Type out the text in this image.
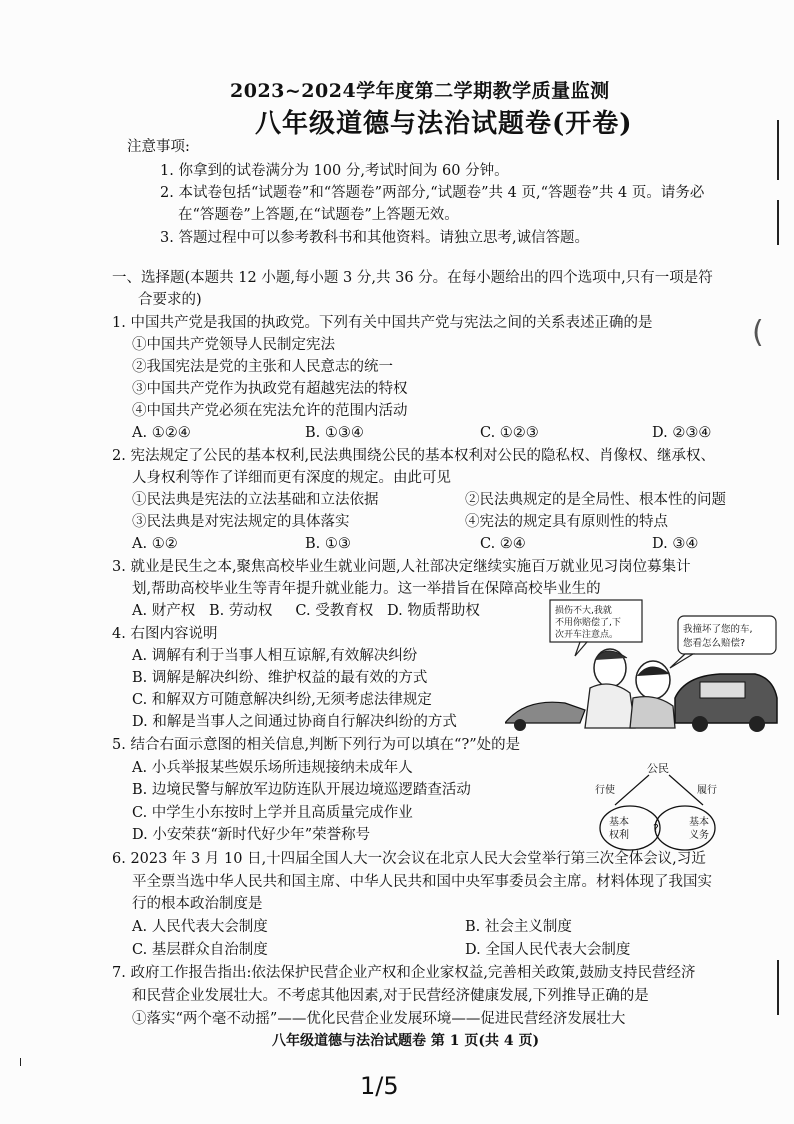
2023~2024学年度第二学期教学质量监测
八年级道德与法治试题卷(开卷)
注意事项:
1. 你拿到的试卷满分为 100 分,考试时间为 60 分钟。
2. 本试卷包括“试题卷”和“答题卷”两部分,“试题卷”共 4 页,“答题卷”共 4 页。请务必
在“答题卷”上答题,在“试题卷”上答题无效。
3. 答题过程中可以参考教科书和其他资料。请独立思考,诚信答题。
一、选择题(本题共 12 小题,每小题 3 分,共 36 分。在每小题给出的四个选项中,只有一项是符
合要求的)
1. 中国共产党是我国的执政党。下列有关中国共产党与宪法之间的关系表述正确的是
①中国共产党领导人民制定宪法
②我国宪法是党的主张和人民意志的统一
③中国共产党作为执政党有超越宪法的特权
④中国共产党必须在宪法允许的范围内活动
A. ①②④	B. ①③④	C. ①②③	D. ②③④
2. 宪法规定了公民的基本权利,民法典围绕公民的基本权利对公民的隐私权、肖像权、继承权、
人身权利等作了详细而更有深度的规定。由此可见
①民法典是宪法的立法基础和立法依据	②民法典规定的是全局性、根本性的问题
③民法典是对宪法规定的具体落实	④宪法的规定具有原则性的特点
A. ①②	B. ①③	C. ②④	D. ③④
3. 就业是民生之本,聚焦高校毕业生就业问题,人社部决定继续实施百万就业见习岗位募集计
划,帮助高校毕业生等青年提升就业能力。这一举措旨在保障高校毕业生的
A. 财产权   B. 劳动权     C. 受教育权   D. 物质帮助权
4. 右图内容说明
A. 调解有利于当事人相互谅解,有效解决纠纷
B. 调解是解决纠纷、维护权益的最有效的方式
C. 和解双方可随意解决纠纷,无须考虑法律规定
D. 和解是当事人之间通过协商自行解决纠纷的方式
损伤不大,我就
不用你赔偿了,下
次开车注意点。	我撞坏了您的车,
您看怎么赔偿?
5. 结合右面示意图的相关信息,判断下列行为可以填在“?”处的是
A. 小兵举报某些娱乐场所违规接纳未成年人
B. 边境民警与解放军边防连队开展边境巡逻踏查活动
C. 中学生小东按时上学并且高质量完成作业
D. 小安荣获“新时代好少年”荣誉称号
公民
行使	履行
基本
权利
?	基本
义务
6. 2023 年 3 月 10 日,十四届全国人大一次会议在北京人民大会堂举行第三次全体会议,习近
平全票当选中华人民共和国主席、中华人民共和国中央军事委员会主席。材料体现了我国实
行的根本政治制度是
A. 人民代表大会制度	B. 社会主义制度
C. 基层群众自治制度	D. 全国人民代表大会制度
7. 政府工作报告指出:依法保护民营企业产权和企业家权益,完善相关政策,鼓励支持民营经济
和民营企业发展壮大。不考虑其他因素,对于民营经济健康发展,下列推导正确的是
①落实“两个毫不动摇”——优化民营企业发展环境——促进民营经济发展壮大
八年级道德与法治试题卷 第 1 页(共 4 页)
1/5
(
